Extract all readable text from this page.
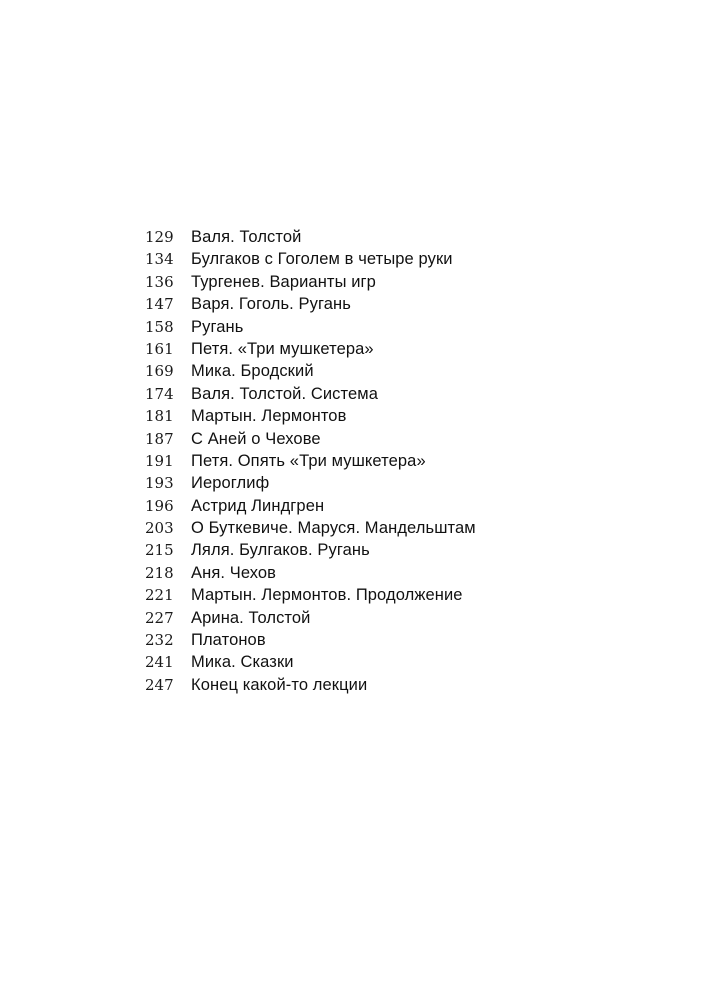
129	Валя. Толстой
134	Булгаков с Гоголем в четыре руки
136	Тургенев. Варианты игр
147	Варя. Гоголь. Ругань
158	Ругань
161	Петя. «Три мушкетера»
169	Мика. Бродский
174	Валя. Толстой. Система
181	Мартын. Лермонтов
187	С Аней о Чехове
191	Петя. Опять «Три мушкетера»
193	Иероглиф
196	Астрид Линдгрен
203	О Буткевиче. Маруся. Мандельштам
215	Ляля. Булгаков. Ругань
218	Аня. Чехов
221	Мартын. Лермонтов. Продолжение
227	Арина. Толстой
232	Платонов
241	Мика. Сказки
247	Конец какой-то лекции
